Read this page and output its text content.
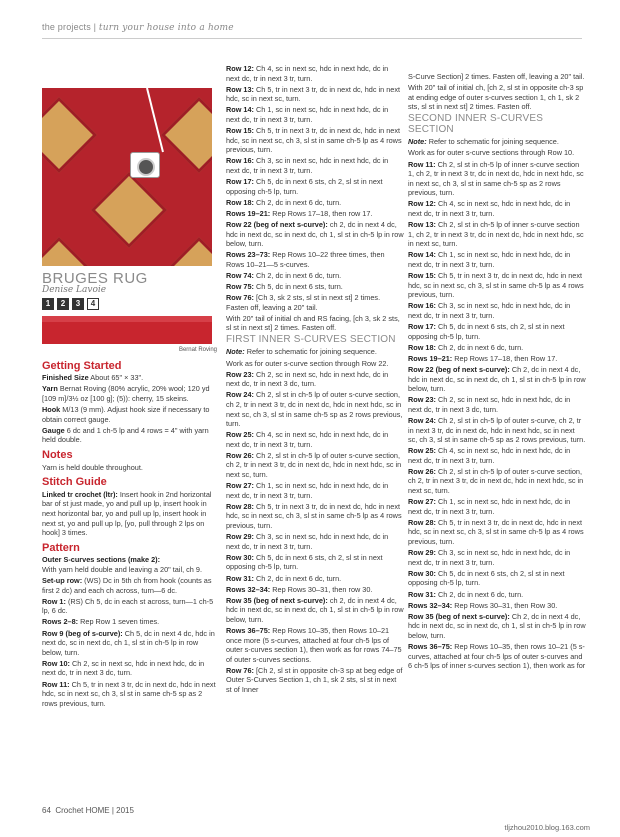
the projects | turn your house into a home
BRUGES RUG
Denise Lavoie
1	2	3	4
Bernat Roving
Getting Started

Finished Size About 65" × 33".

Yarn Bernat Roving (80% acrylic, 20% wool; 120 yd [109 m]/3½ oz [100 g]; (5)): cherry, 15 skeins.

Hook M/13 (9 mm). Adjust hook size if necessary to obtain correct gauge.

Gauge 6 dc and 1 ch-5 lp and 4 rows = 4" with yarn held double.

Notes

Yarn is held double throughout.

Stitch Guide

Linked tr crochet (ltr): Insert hook in 2nd horizontal bar of st just made, yo and pull up lp, insert hook in next horizontal bar, yo and pull up lp, insert hook in next st, yo and pull up lp, [yo, pull through 2 lps on hook] 3 times.

Pattern

Outer S-curves sections (make 2):
With yarn held double and leaving a 20" tail, ch 9.

Set-up row: (WS) Dc in 5th ch from hook (counts as first 2 dc) and each ch across, turn—6 dc.

Row 1: (RS) Ch 5, dc in each st across, turn—1 ch-5 lp, 6 dc.

Rows 2–8: Rep Row 1 seven times.

Row 9 (beg of s-curve): Ch 5, dc in next 4 dc, hdc in next dc, sc in next dc, ch 1, sl st in ch-5 lp in row below, turn.

Row 10: Ch 2, sc in next sc, hdc in next hdc, dc in next dc, tr in next 3 dc, turn.

Row 11: Ch 5, tr in next 3 tr, dc in next dc, hdc in next hdc, sc in next sc, ch 3, sl st in same ch-5 sp as 2 rows previous, turn.

Row 12: Ch 4, sc in next sc, hdc in next hdc, dc in next dc, tr in next 3 tr, turn.

Row 13: Ch 5, tr in next 3 tr, dc in next dc, hdc in next hdc, sc in next sc, turn.

Row 14: Ch 1, sc in next sc, hdc in next hdc, dc in next dc, tr in next 3 tr, turn.

Row 15: Ch 5, tr in next 3 tr, dc in next dc, hdc in next hdc, sc in next sc, ch 3, sl st in same ch-5 lp as 4 rows previous, turn.

Row 16: Ch 3, sc in next sc, hdc in next hdc, dc in next dc, tr in next 3 tr, turn.

Row 17: Ch 5, dc in next 6 sts, ch 2, sl st in next opposing ch-5 lp, turn.

Row 18: Ch 2, dc in next 6 dc, turn.

Rows 19–21: Rep Rows 17–18, then row 17.

Row 22 (beg of next s-curve): ch 2, dc in next 4 dc, hdc in next dc, sc in next dc, ch 1, sl st in ch-5 lp in row below, turn.

Rows 23–73: Rep Rows 10–22 three times, then Rows 10–21—5 s-curves.

Row 74: Ch 2, dc in next 6 dc, turn.

Row 75: Ch 5, dc in next 6 sts, turn.

Row 76: [Ch 3, sk 2 sts, sl st in next st] 2 times. Fasten off, leaving a 20" tail.

With 20" tail of initial ch and RS facing, [ch 3, sk 2 sts, sl st in next st] 2 times. Fasten off.

FIRST INNER S-CURVES SECTION

Note: Refer to schematic for joining sequence.

Work as for outer s-curve section through Row 22.

Row 23: Ch 2, sc in next sc, hdc in next hdc, dc in next dc, tr in next 3 dc, turn.

Row 24: Ch 2, sl st in ch-5 lp of outer s-curve section, ch 2, tr in next 3 tr, dc in next dc, hdc in next hdc, sc in next sc, ch 3, sl st in same ch-5 sp as 2 rows previous, turn.

Row 25: Ch 4, sc in next sc, hdc in next hdc, dc in next dc, tr in next 3 tr, turn.

Row 26: Ch 2, sl st in ch-5 lp of outer s-curve section, ch 2, tr in next 3 tr, dc in next dc, hdc in next hdc, sc in next sc, turn.

Row 27: Ch 1, sc in next sc, hdc in next hdc, dc in next dc, tr in next 3 tr, turn.

Row 28: Ch 5, tr in next 3 tr, dc in next dc, hdc in next hdc, sc in next sc, ch 3, sl st in same ch-5 lp as 4 rows previous, turn.

Row 29: Ch 3, sc in next sc, hdc in next hdc, dc in next dc, tr in next 3 tr, turn.

Row 30: Ch 5, dc in next 6 sts, ch 2, sl st in next opposing ch-5 lp, turn.

Row 31: Ch 2, dc in next 6 dc, turn.

Rows 32–34: Rep Rows 30–31, then row 30.

Row 35 (beg of next s-curve): ch 2, dc in next 4 dc, hdc in next dc, sc in next dc, ch 1, sl st in ch-5 lp in row below, turn.

Rows 36–75: Rep Rows 10–35, then Rows 10–21 once more (5 s-curves, attached at four ch-5 lps of outer s-curves section 1), then work as for rows 74–75 of outer s-curves sections.

Row 76: [Ch 2, sl st in opposite ch-3 sp at beg edge of Outer S-Curves Section 1, ch 1, sk 2 sts, sl st in next st of Inner

S-Curve Section] 2 times. Fasten off, leaving a 20" tail.

With 20" tail of initial ch, [ch 2, sl st in opposite ch-3 sp at ending edge of outer s-curves section 1, ch 1, sk 2 sts, sl st in next st] 2 times. Fasten off.

SECOND INNER S-CURVES SECTION

Note: Refer to schematic for joining sequence.

Work as for outer s-curve sections through Row 10.

Row 11: Ch 2, sl st in ch-5 lp of inner s-curve section 1, ch 2, tr in next 3 tr, dc in next dc, hdc in next hdc, sc in next sc, ch 3, sl st in same ch-5 sp as 2 rows previous, turn.

Row 12: Ch 4, sc in next sc, hdc in next hdc, dc in next dc, tr in next 3 tr, turn.

Row 13: Ch 2, sl st in ch-5 lp of inner s-curve section 1, ch 2, tr in next 3 tr, dc in next dc, hdc in next hdc, sc in next sc, turn.

Row 14: Ch 1, sc in next sc, hdc in next hdc, dc in next dc, tr in next 3 tr, turn.

Row 15: Ch 5, tr in next 3 tr, dc in next dc, hdc in next hdc, sc in next sc, ch 3, sl st in same ch-5 lp as 4 rows previous, turn.

Row 16: Ch 3, sc in next sc, hdc in next hdc, dc in next dc, tr in next 3 tr, turn.

Row 17: Ch 5, dc in next 6 sts, ch 2, sl st in next opposing ch-5 lp, turn.

Row 18: Ch 2, dc in next 6 dc, turn.

Rows 19–21: Rep Rows 17–18, then Row 17.

Row 22 (beg of next s-curve): Ch 2, dc in next 4 dc, hdc in next dc, sc in next dc, ch 1, sl st in ch-5 lp in row below, turn.

Row 23: Ch 2, sc in next sc, hdc in next hdc, dc in next dc, tr in next 3 dc, turn.

Row 24: Ch 2, sl st in ch-5 lp of outer s-curve, ch 2, tr in next 3 tr, dc in next dc, hdc in next hdc, sc in next sc, ch 3, sl st in same ch-5 sp as 2 rows previous, turn.

Row 25: Ch 4, sc in next sc, hdc in next hdc, dc in next dc, tr in next 3 tr, turn.

Row 26: Ch 2, sl st in ch-5 lp of outer s-curve section, ch 2, tr in next 3 tr, dc in next dc, hdc in next hdc, sc in next sc, turn.

Row 27: Ch 1, sc in next sc, hdc in next hdc, dc in next dc, tr in next 3 tr, turn.

Row 28: Ch 5, tr in next 3 tr, dc in next dc, hdc in next hdc, sc in next sc, ch 3, sl st in same ch-5 lp as 4 rows previous, turn.

Row 29: Ch 3, sc in next sc, hdc in next hdc, dc in next dc, tr in next 3 tr, turn.

Row 30: Ch 5, dc in next 6 sts, ch 2, sl st in next opposing ch-5 lp, turn.

Row 31: Ch 2, dc in next 6 dc, turn.

Rows 32–34: Rep Rows 30–31, then Row 30.

Row 35 (beg of next s-curve): Ch 2, dc in next 4 dc, hdc in next dc, sc in next dc, ch 1, sl st in ch-5 lp in row below, turn.

Rows 36–75: Rep Rows 10–35, then rows 10–21 (5 s-curves, attached at four ch-5 lps of outer s-curves and 6 ch-5 lps of inner s-curves section 1), then work as for

64 Crochet HOME | 2015
tljzhou2010.blog.163.com
